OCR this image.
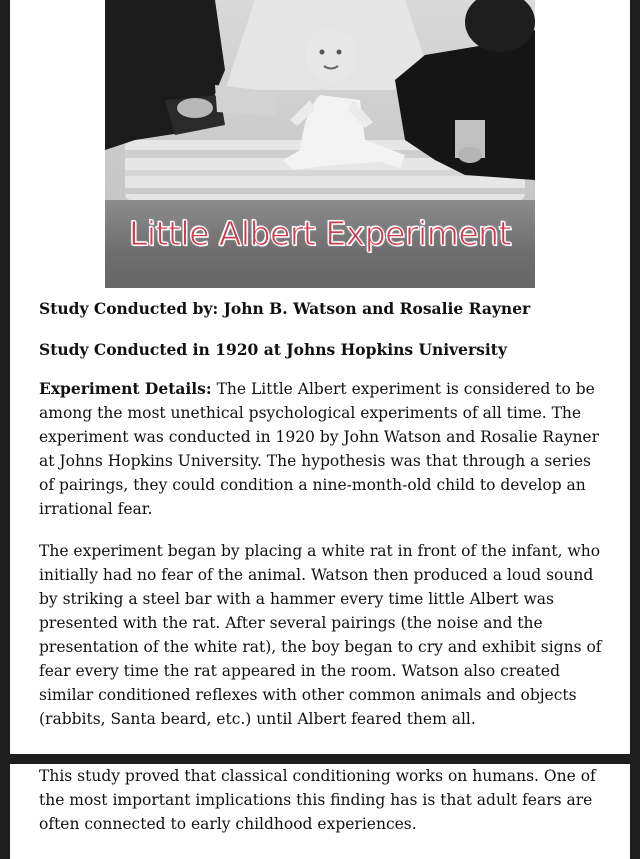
Little Albert Experiment

Study Conducted by: John B. Watson and Rosalie Rayner

Study Conducted in 1920 at Johns Hopkins University

Experiment Details: The Little Albert experiment is considered to be among the most unethical psychological experiments of all time. The experiment was conducted in 1920 by John Watson and Rosalie Rayner at Johns Hopkins University. The hypothesis was that through a series of pairings, they could condition a nine-month-old child to develop an irrational fear.

The experiment began by placing a white rat in front of the infant, who initially had no fear of the animal. Watson then produced a loud sound by striking a steel bar with a hammer every time little Albert was presented with the rat. After several pairings (the noise and the presentation of the white rat), the boy began to cry and exhibit signs of fear every time the rat appeared in the room. Watson also created similar conditioned reflexes with other common animals and objects (rabbits, Santa beard, etc.) until Albert feared them all.

This study proved that classical conditioning works on humans. One of the most important implications this finding has is that adult fears are often connected to early childhood experiences.
